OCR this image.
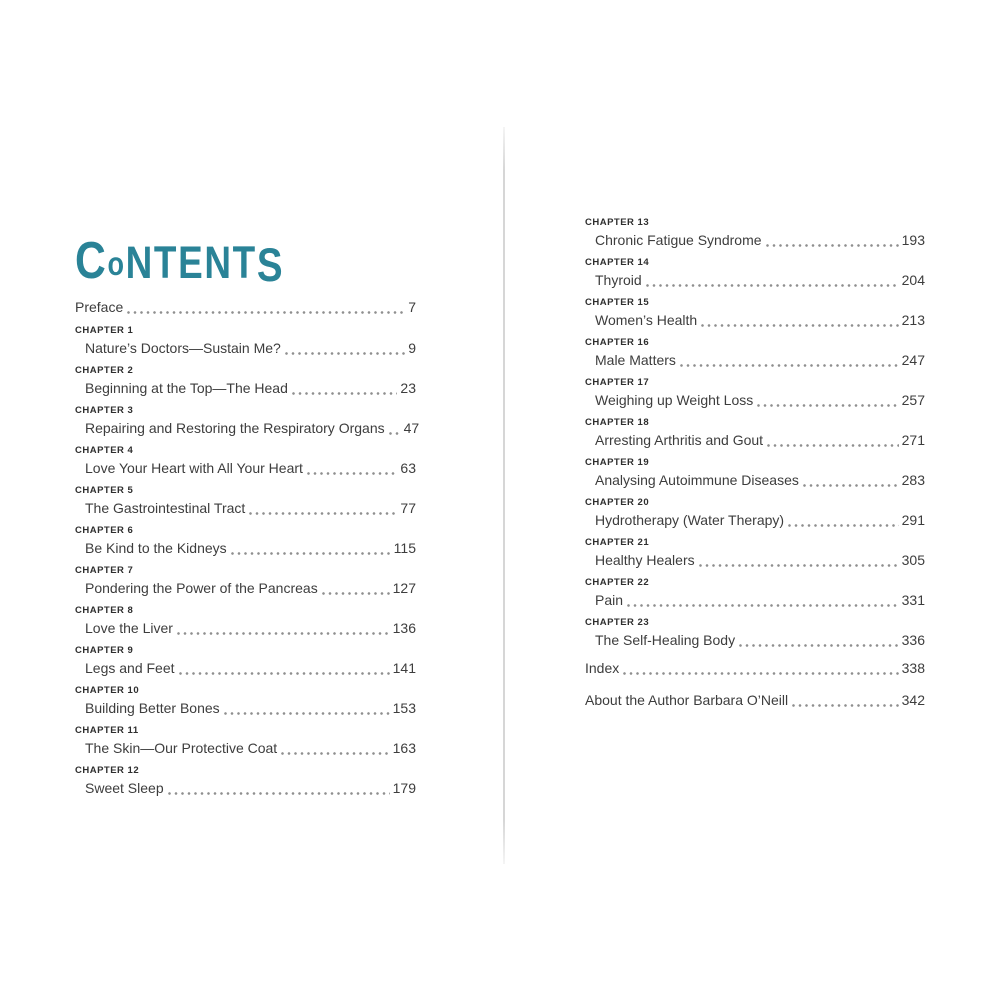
CoNTENTS
Preface	7
CHAPTER 1
Nature’s Doctors—Sustain Me?	9
CHAPTER 2
Beginning at the Top—The Head	23
CHAPTER 3
Repairing and Restoring the Respiratory Organs 47
CHAPTER 4
Love Your Heart with All Your Heart	63
CHAPTER 5
The Gastrointestinal Tract	77
CHAPTER 6
Be Kind to the Kidneys	115
CHAPTER 7
Pondering the Power of the Pancreas	127
CHAPTER 8
Love the Liver	136
CHAPTER 9
Legs and Feet	141
CHAPTER 10
Building Better Bones	153
CHAPTER 11
The Skin—Our Protective Coat	163
CHAPTER 12
Sweet Sleep	179
CHAPTER 13
Chronic Fatigue Syndrome	193
CHAPTER 14
Thyroid	204
CHAPTER 15
Women’s Health	213
CHAPTER 16
Male Matters	247
CHAPTER 17
Weighing up Weight Loss	257
CHAPTER 18
Arresting Arthritis and Gout	271
CHAPTER 19
Analysing Autoimmune Diseases	283
CHAPTER 20
Hydrotherapy (Water Therapy)	291
CHAPTER 21
Healthy Healers	305
CHAPTER 22
Pain	331
CHAPTER 23
The Self-Healing Body	336
Index	338
About the Author Barbara O’Neill	342
